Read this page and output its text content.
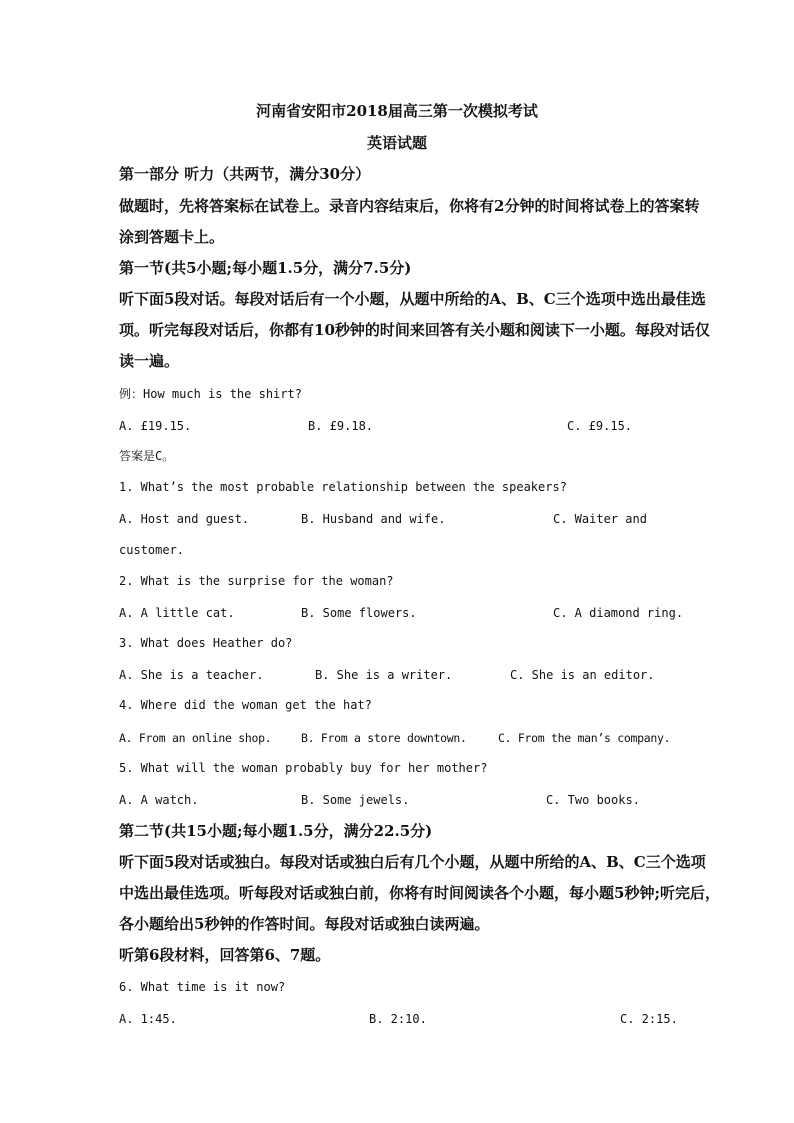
河南省安阳市2018届高三第一次模拟考试
英语试题
第一部分 听力（共两节，满分30分）
做题时，先将答案标在试卷上。录音内容结束后，你将有2分钟的时间将试卷上的答案转
涂到答题卡上。
第一节(共5小题;每小题1.5分，满分7.5分)
听下面5段对话。每段对话后有一个小题，从题中所给的A、B、C三个选项中选出最佳选
项。听完每段对话后，你都有10秒钟的时间来回答有关小题和阅读下一小题。每段对话仅
读一遍。
例：How much is the shirt?
A. £19.15.	B. £9.18.	C. £9.15.
答案是C。
1. What’s the most probable relationship between the speakers?
A. Host and guest.	B. Husband and wife.	C. Waiter and
customer.
2. What is the surprise for the woman?
A. A little cat.	B. Some flowers.	C. A diamond ring.
3. What does Heather do?
A. She is a teacher.	B. She is a writer.	C. She is an editor.
4. Where did the woman get the hat?
A. From an online shop.	B. From a store downtown.	C. From the man’s company.
5. What will the woman probably buy for her mother?
A. A watch.	B. Some jewels.	C. Two books.
第二节(共15小题;每小题1.5分，满分22.5分)
听下面5段对话或独白。每段对话或独白后有几个小题，从题中所给的A、B、C三个选项
中选出最佳选项。听每段对话或独白前，你将有时间阅读各个小题，每小题5秒钟;听完后，
各小题给出5秒钟的作答时间。每段对话或独白读两遍。
听第6段材料，回答第6、7题。
6. What time is it now?
A. 1:45.	B. 2:10.	C. 2:15.
